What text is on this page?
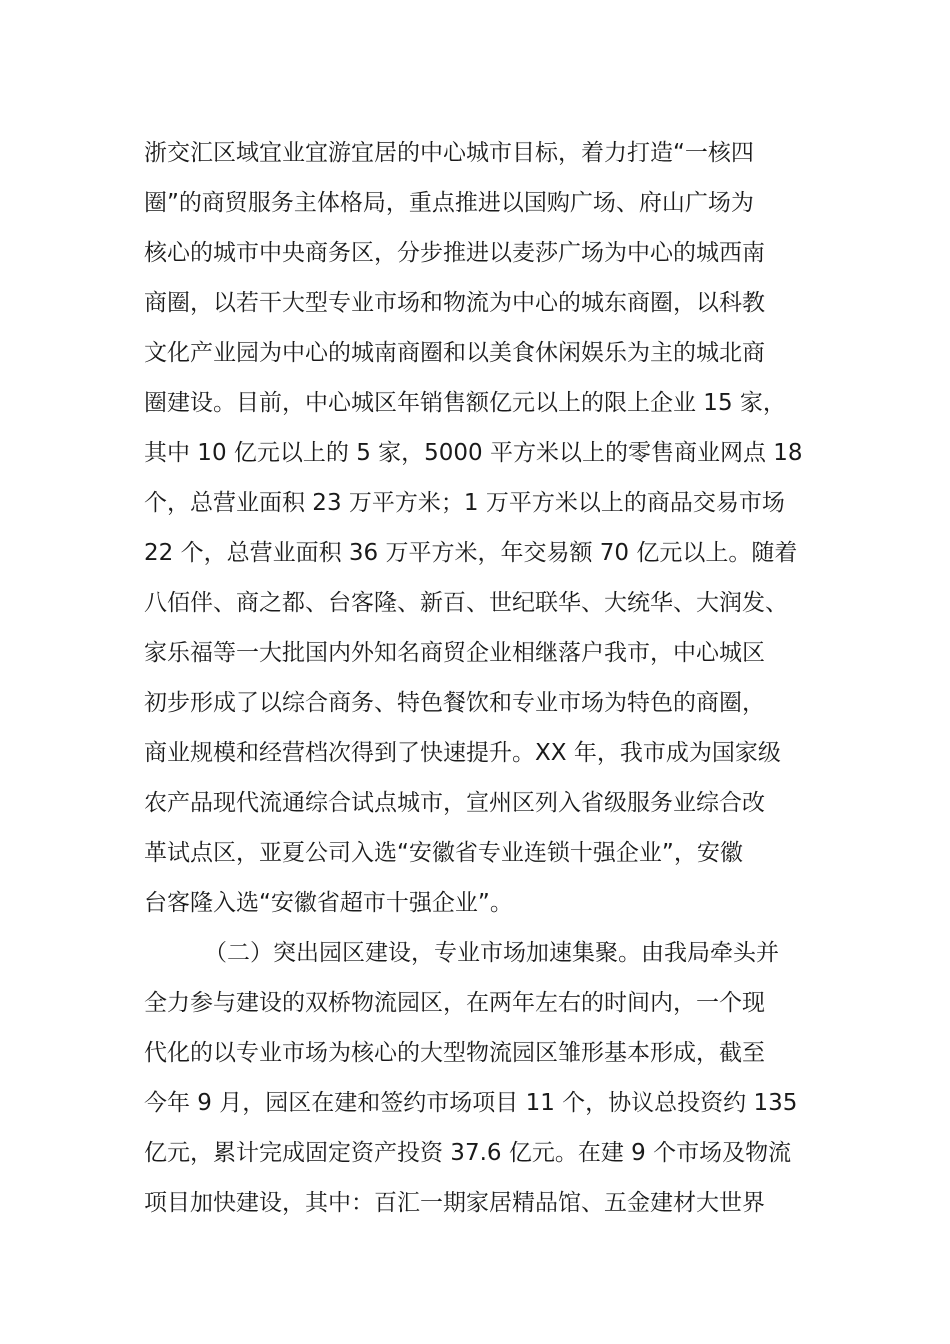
浙交汇区域宜业宜游宜居的中心城市目标，着力打造“一核四
圈”的商贸服务主体格局，重点推进以国购广场、府山广场为
核心的城市中央商务区，分步推进以麦莎广场为中心的城西南
商圈，以若干大型专业市场和物流为中心的城东商圈，以科教
文化产业园为中心的城南商圈和以美食休闲娱乐为主的城北商
圈建设。目前，中心城区年销售额亿元以上的限上企业 15 家，
其中 10 亿元以上的 5 家，5000 平方米以上的零售商业网点 18
个，总营业面积 23 万平方米；1 万平方米以上的商品交易市场
22 个，总营业面积 36 万平方米，年交易额 70 亿元以上。随着
八佰伴、商之都、台客隆、新百、世纪联华、大统华、大润发、
家乐福等一大批国内外知名商贸企业相继落户我市，中心城区
初步形成了以综合商务、特色餐饮和专业市场为特色的商圈，
商业规模和经营档次得到了快速提升。XX 年，我市成为国家级
农产品现代流通综合试点城市，宣州区列入省级服务业综合改
革试点区，亚夏公司入选“安徽省专业连锁十强企业”，安徽
台客隆入选“安徽省超市十强企业”。
（二）突出园区建设，专业市场加速集聚。由我局牵头并
全力参与建设的双桥物流园区，在两年左右的时间内，一个现
代化的以专业市场为核心的大型物流园区雏形基本形成，截至
今年 9 月，园区在建和签约市场项目 11 个，协议总投资约 135
亿元，累计完成固定资产投资 37.6 亿元。在建 9 个市场及物流
项目加快建设，其中：百汇一期家居精品馆、五金建材大世界
